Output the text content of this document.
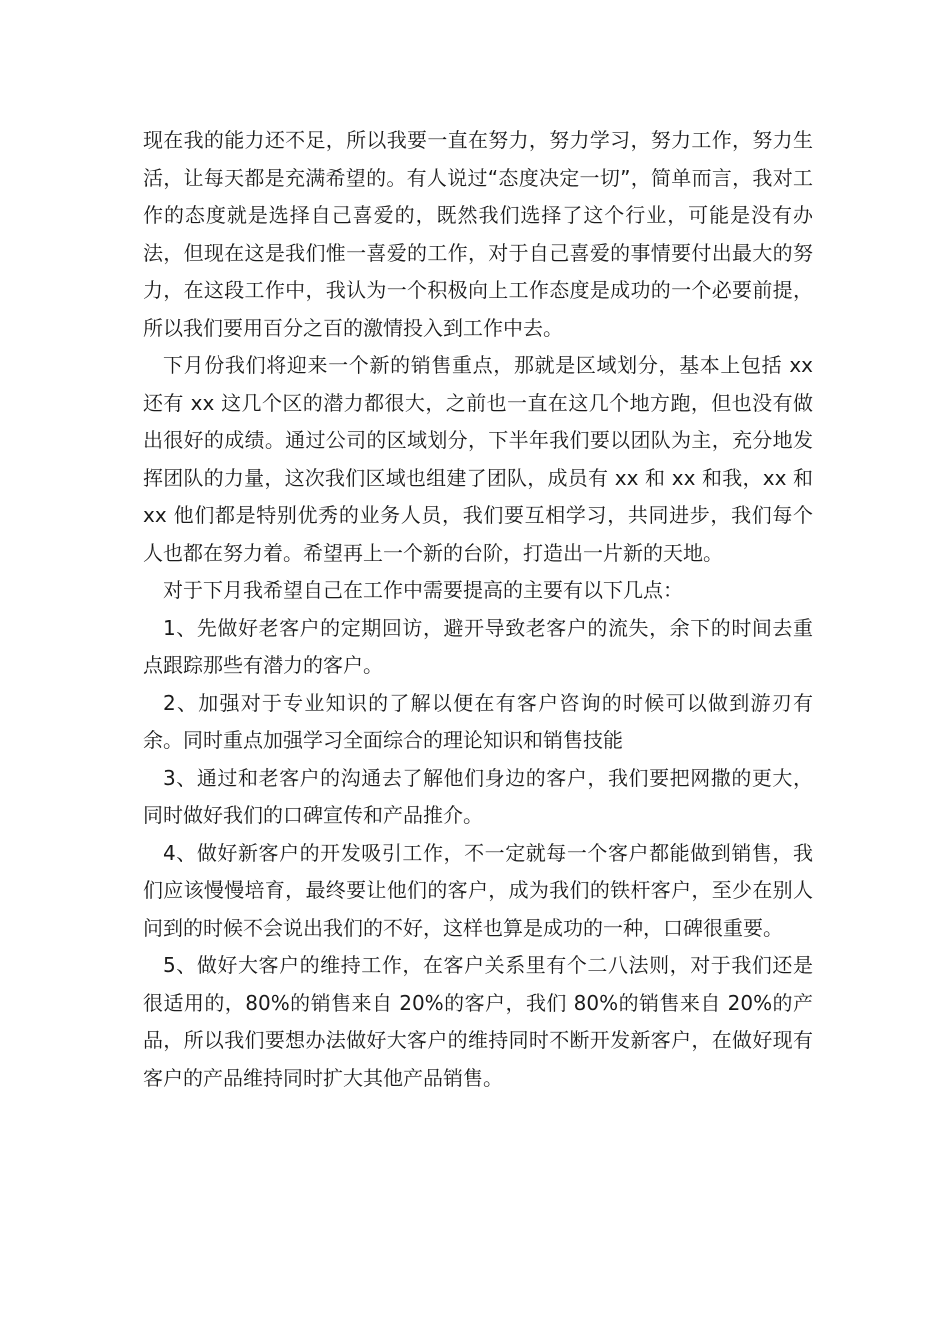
现在我的能力还不足，所以我要一直在努力，努力学习，努力工作，努力生活，让每天都是充满希望的。有人说过“态度决定一切”，简单而言，我对工作的态度就是选择自己喜爱的，既然我们选择了这个行业，可能是没有办法，但现在这是我们惟一喜爱的工作，对于自己喜爱的事情要付出最大的努力，在这段工作中，我认为一个积极向上工作态度是成功的一个必要前提，所以我们要用百分之百的激情投入到工作中去。

下月份我们将迎来一个新的销售重点，那就是区域划分，基本上包括 xx 还有 xx 这几个区的潜力都很大，之前也一直在这几个地方跑，但也没有做出很好的成绩。通过公司的区域划分，下半年我们要以团队为主，充分地发挥团队的力量，这次我们区域也组建了团队，成员有 xx 和 xx 和我，xx 和 xx 他们都是特别优秀的业务人员，我们要互相学习，共同进步，我们每个人也都在努力着。希望再上一个新的台阶，打造出一片新的天地。

对于下月我希望自己在工作中需要提高的主要有以下几点：

1、先做好老客户的定期回访，避开导致老客户的流失，余下的时间去重点跟踪那些有潜力的客户。

2、加强对于专业知识的了解以便在有客户咨询的时候可以做到游刃有余。同时重点加强学习全面综合的理论知识和销售技能

3、通过和老客户的沟通去了解他们身边的客户，我们要把网撒的更大，同时做好我们的口碑宣传和产品推介。

4、做好新客户的开发吸引工作，不一定就每一个客户都能做到销售，我们应该慢慢培育，最终要让他们的客户，成为我们的铁杆客户，至少在别人问到的时候不会说出我们的不好，这样也算是成功的一种，口碑很重要。

5、做好大客户的维持工作，在客户关系里有个二八法则，对于我们还是很适用的，80%的销售来自 20%的客户，我们 80%的销售来自 20%的产品，所以我们要想办法做好大客户的维持同时不断开发新客户，在做好现有客户的产品维持同时扩大其他产品销售。
